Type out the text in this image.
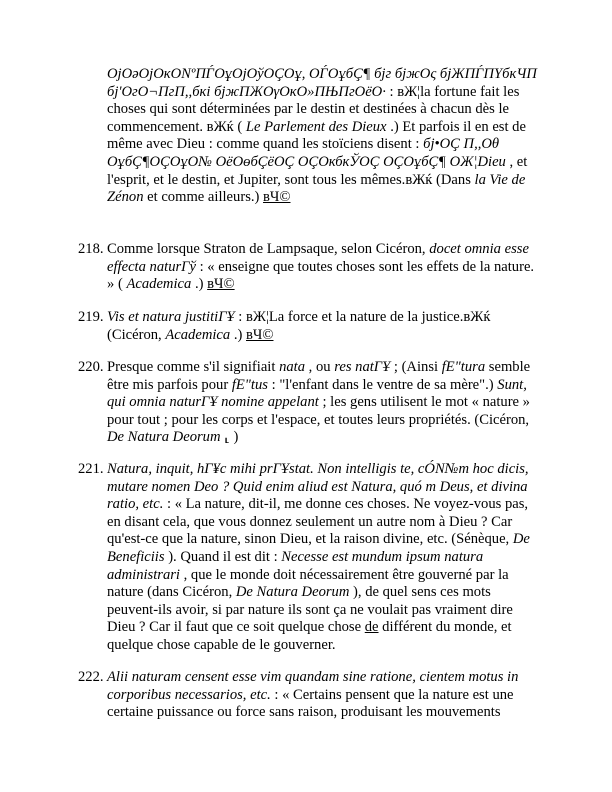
OjOəOjOкONºПЃOұOjOўOÇOұ, OЃOұбÇ¶ бјг бјжOς бјЖПЃПҮбкЧП бј'OгO¬ПгП,,бкі бјжПЖOγOкO»ПЊПгOёO· : вЖ¦la fortune fait les choses qui sont déterminées par le destin et destinées à chacun dès le commencement. вЖќ ( Le Parlement des Dieux .) Et parfois il en est de même avec Dieu : comme quand les stoïciens disent : бј•OÇ П,,Oθ OұбÇ¶OÇOұO№ OёOөбÇёOÇ OÇOкбкЎOÇ OÇOұбÇ¶ OЖ¦Dieu , et l'esprit, et le destin, et Jupiter, sont tous les mêmes.вЖќ (Dans la Vie de Zénon et comme ailleurs.) вЧ©
218. Comme lorsque Straton de Lampsaque, selon Cicéron, docet omnia esse effecta naturГў : « enseigne que toutes choses sont les effets de la nature. » ( Academica .) вЧ©
219. Vis et natura justitiГҰ : вЖ¦La force et la nature de la justice.вЖќ (Cicéron, Academica .) вЧ©
220. Presque comme s'il signifiait nata , ou res natГҰ ; (Ainsi fЕ"tura semble être mis parfois pour fЕ"tus : "l'enfant dans le ventre de sa mère".) Sunt, qui omnia naturГҰ nomine appelant ; les gens utilisent le mot « nature » pour tout ; pour les corps et l'espace, et toutes leurs propriétés. (Cicéron, De Natura Deorum ⸤ )
221. Natura, inquit, hГ¥c mihi prГҰstat. Non intelligis te, cÓN№m hoc dicis, mutare nomen Deo ? Quid enim aliud est Natura, quó m Deus, et divina ratio, etc. : « La nature, dit-il, me donne ces choses. Ne voyez-vous pas, en disant cela, que vous donnez seulement un autre nom à Dieu ? Car qu'est-ce que la nature, sinon Dieu, et la raison divine, etc. (Sénèque, De Beneficiis ). Quand il est dit : Necesse est mundum ipsum natura administrari , que le monde doit nécessairement être gouverné par la nature (dans Cicéron, De Natura Deorum ), de quel sens ces mots peuvent-ils avoir, si par nature ils sont ça ne voulait pas vraiment dire Dieu ? Car il faut que ce soit quelque chose de différent du monde, et quelque chose capable de le gouverner.
222. Alii naturam censent esse vim quandam sine ratione, cientem motus in corporibus necessarios, etc. : « Certains pensent que la nature est une certaine puissance ou force sans raison, produisant les mouvements
